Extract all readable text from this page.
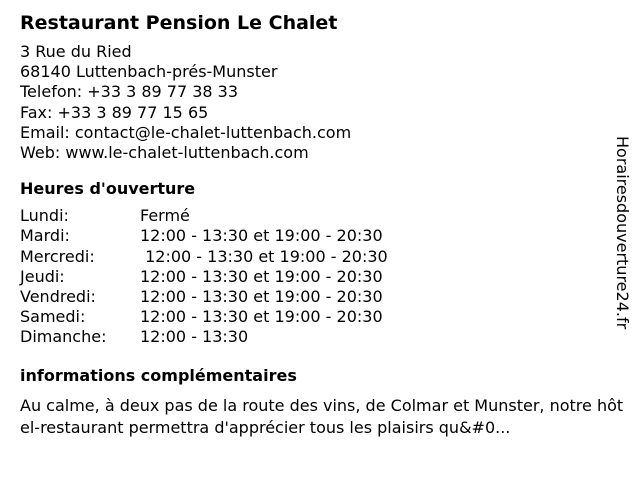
Restaurant Pension Le Chalet
3 Rue du Ried
68140 Luttenbach-prés-Munster
Telefon: +33 3 89 77 38 33
Fax: +33 3 89 77 15 65
Email: contact@le-chalet-luttenbach.com
Web: www.le-chalet-luttenbach.com
Heures d'ouverture
Lundi:	Fermé
Mardi:	12:00 - 13:30 et 19:00 - 20:30
Mercredi:	12:00 - 13:30 et 19:00 - 20:30
Jeudi:	12:00 - 13:30 et 19:00 - 20:30
Vendredi:	12:00 - 13:30 et 19:00 - 20:30
Samedi:	12:00 - 13:30 et 19:00 - 20:30
Dimanche:	12:00 - 13:30
informations complémentaires
Au calme, à deux pas de la route des vins, de Colmar et Munster, notre hôtel-restaurant permettra d'apprécier tous les plaisirs qu&#0...
Horairesdouverture24.fr
